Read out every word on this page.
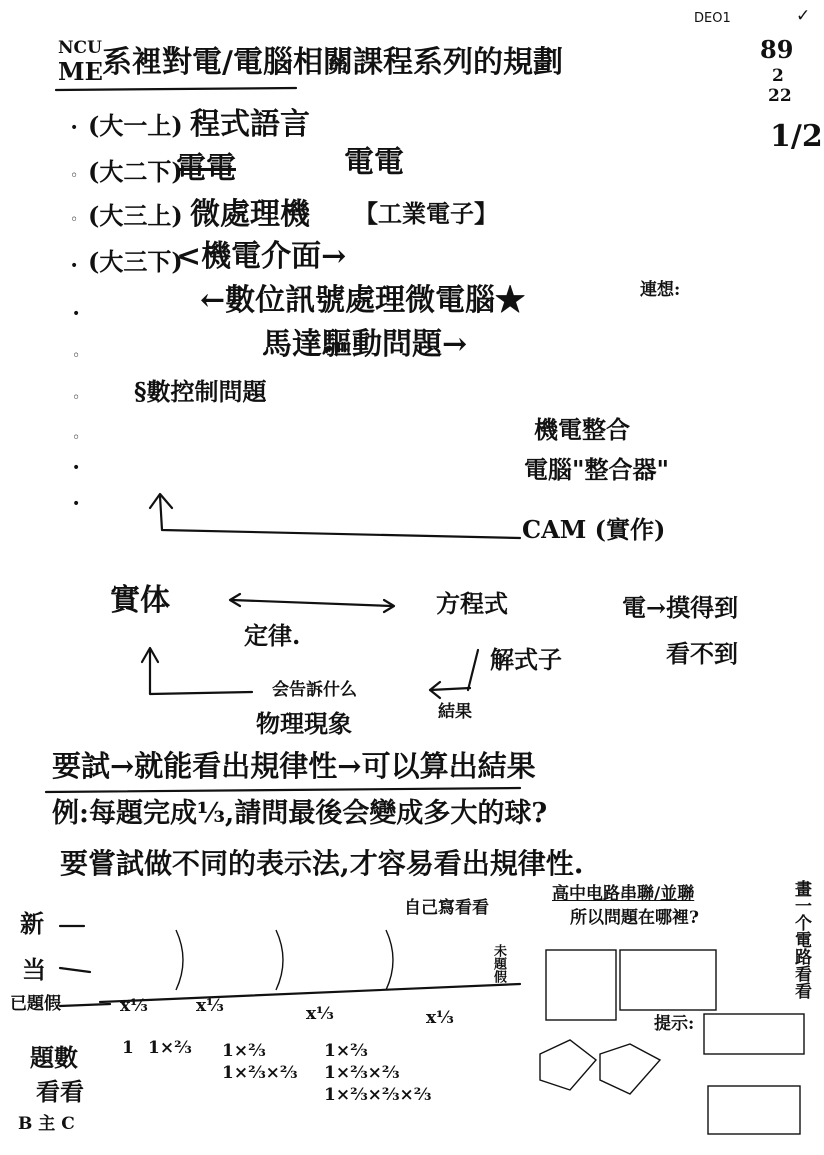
DEO1	✓
NCU
ME 系裡對電/電腦相關課程系列的規劃	89
2
22
1/2
• (大一上) 程式語言
◦ (大二下)
電電	電電
◦ (大三上) 微處理機 【工業電子】
• (大三下)
<機電介面→
•
◦
◦
◦
•
•
←數位訊號處理微電腦★
馬達驅動問題→
§數控制問題
連想:
機電整合
電腦"整合器"
CAM (實作)
實体
定律.
方程式	電→摸得到
看不到
解式子
会告訴什么
物理現象	結果
要試→就能看出規律性→可以算出結果
例:每題完成⅓,請問最後会變成多大的球?
要嘗試做不同的表示法,才容易看出規律性.
新
当
已題假
自己寫看看
未題假
題數
看看
B 主 C
1 1×⅔ 1×⅔
1×⅔×⅔
1×⅔
1×⅔×⅔
1×⅔×⅔×⅔
x⅓	x⅓	x⅓	x⅓
高中电路串聯/並聯
所以問題在哪裡?	畫一个電路看看
提示:
